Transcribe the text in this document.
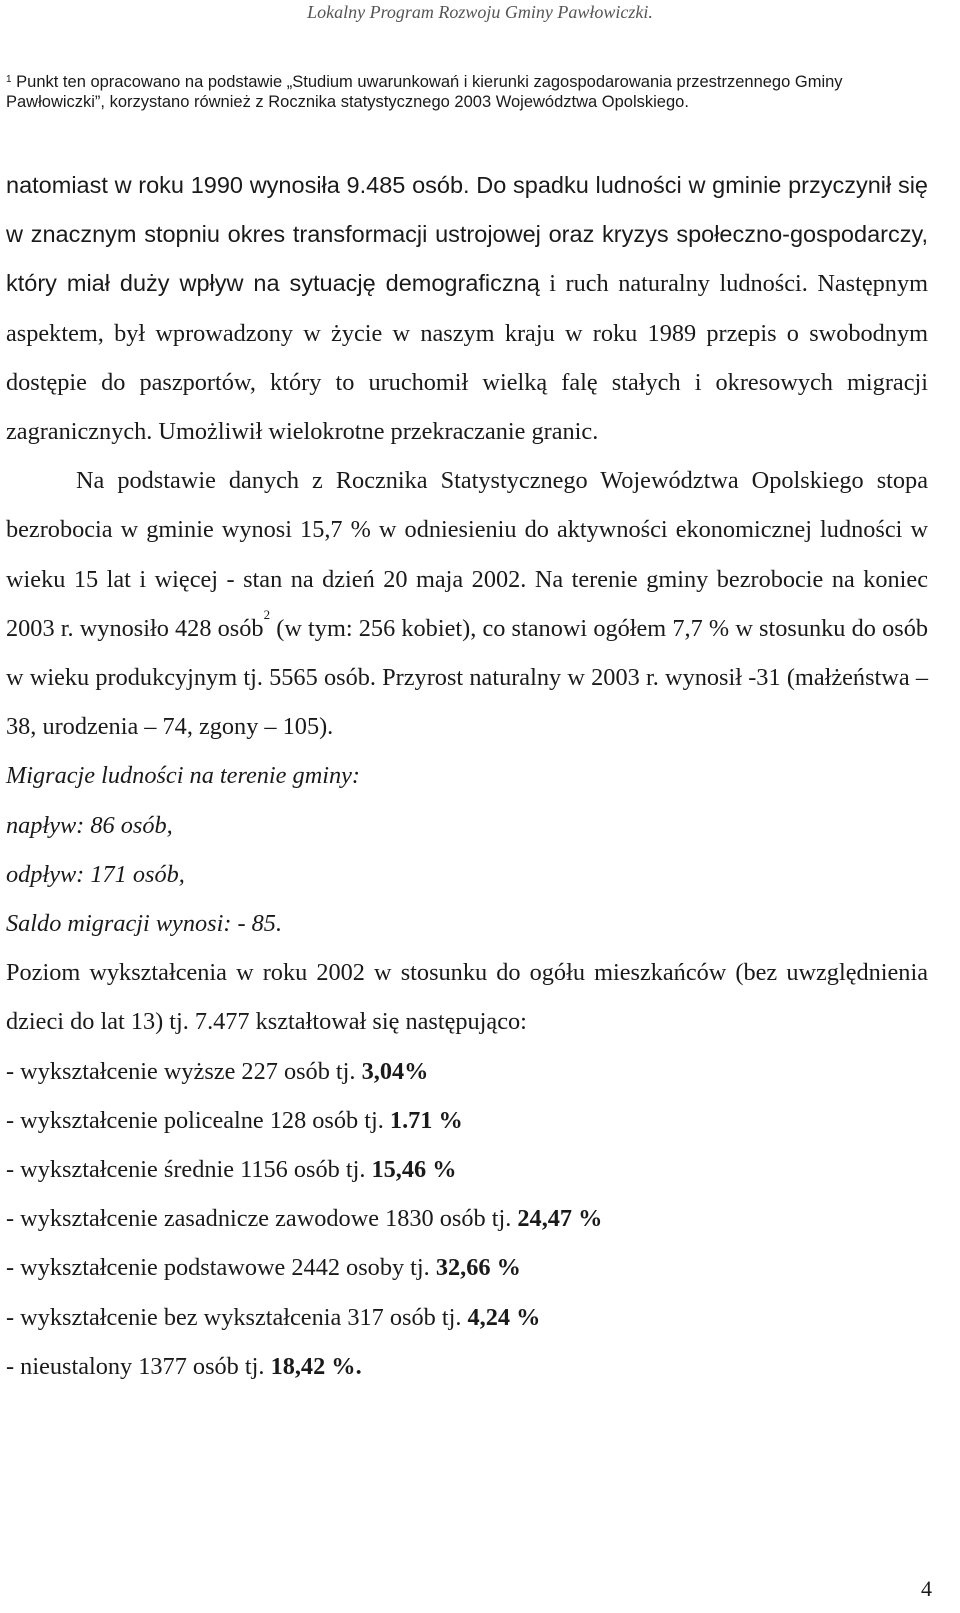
Lokalny Program Rozwoju Gminy Pawłowiczki.
$^1$ Punkt ten opracowano na podstawie „Studium uwarunkowań i kierunki zagospodarowania przestrzennego Gminy Pawłowiczki”, korzystano również z Rocznika statystycznego 2003 Województwa Opolskiego.

natomiast w roku 1990 wynosiła 9.485 osób. Do spadku ludności w gminie przyczynił się w znacznym stopniu okres transformacji ustrojowej oraz kryzys społeczno-gospodarczy, który miał duży wpływ na sytuację demograficzną i ruch naturalny ludności. Następnym aspektem, był wprowadzony w życie w naszym kraju w roku 1989 przepis o swobodnym dostępie do paszportów, który to uruchomił wielką falę stałych i okresowych migracji zagranicznych. Umożliwił wielokrotne przekraczanie granic.

Na podstawie danych z Rocznika Statystycznego Województwa Opolskiego stopa bezrobocia w gminie wynosi 15,7 % w odniesieniu do aktywności ekonomicznej ludności w wieku 15 lat i więcej - stan na dzień 20 maja 2002. Na terenie gminy bezrobocie na koniec 2003 r. wynosiło 428 osób$^2$ (w tym: 256 kobiet), co stanowi ogółem 7,7 % w stosunku do osób w wieku produkcyjnym tj. 5565 osób. Przyrost naturalny w 2003 r. wynosił -31 (małżeństwa – 38, urodzenia – 74, zgony – 105).

Migracje ludności na terenie gminy:

napływ: 86 osób,

odpływ: 171 osób,

Saldo migracji wynosi: - 85.

Poziom wykształcenia w roku 2002 w stosunku do ogółu mieszkańców (bez uwzględnienia dzieci do lat 13) tj. 7.477 kształtował się następująco:

- wykształcenie wyższe 227 osób tj. 3,04%
- wykształcenie policealne 128 osób tj. 1.71 %
- wykształcenie średnie 1156 osób tj. 15,46 %
- wykształcenie zasadnicze zawodowe 1830 osób tj. 24,47 %
- wykształcenie podstawowe 2442 osoby tj. 32,66 %
- wykształcenie bez wykształcenia 317 osób tj. 4,24 %
- nieustalony 1377 osób tj. 18,42 %.
4
